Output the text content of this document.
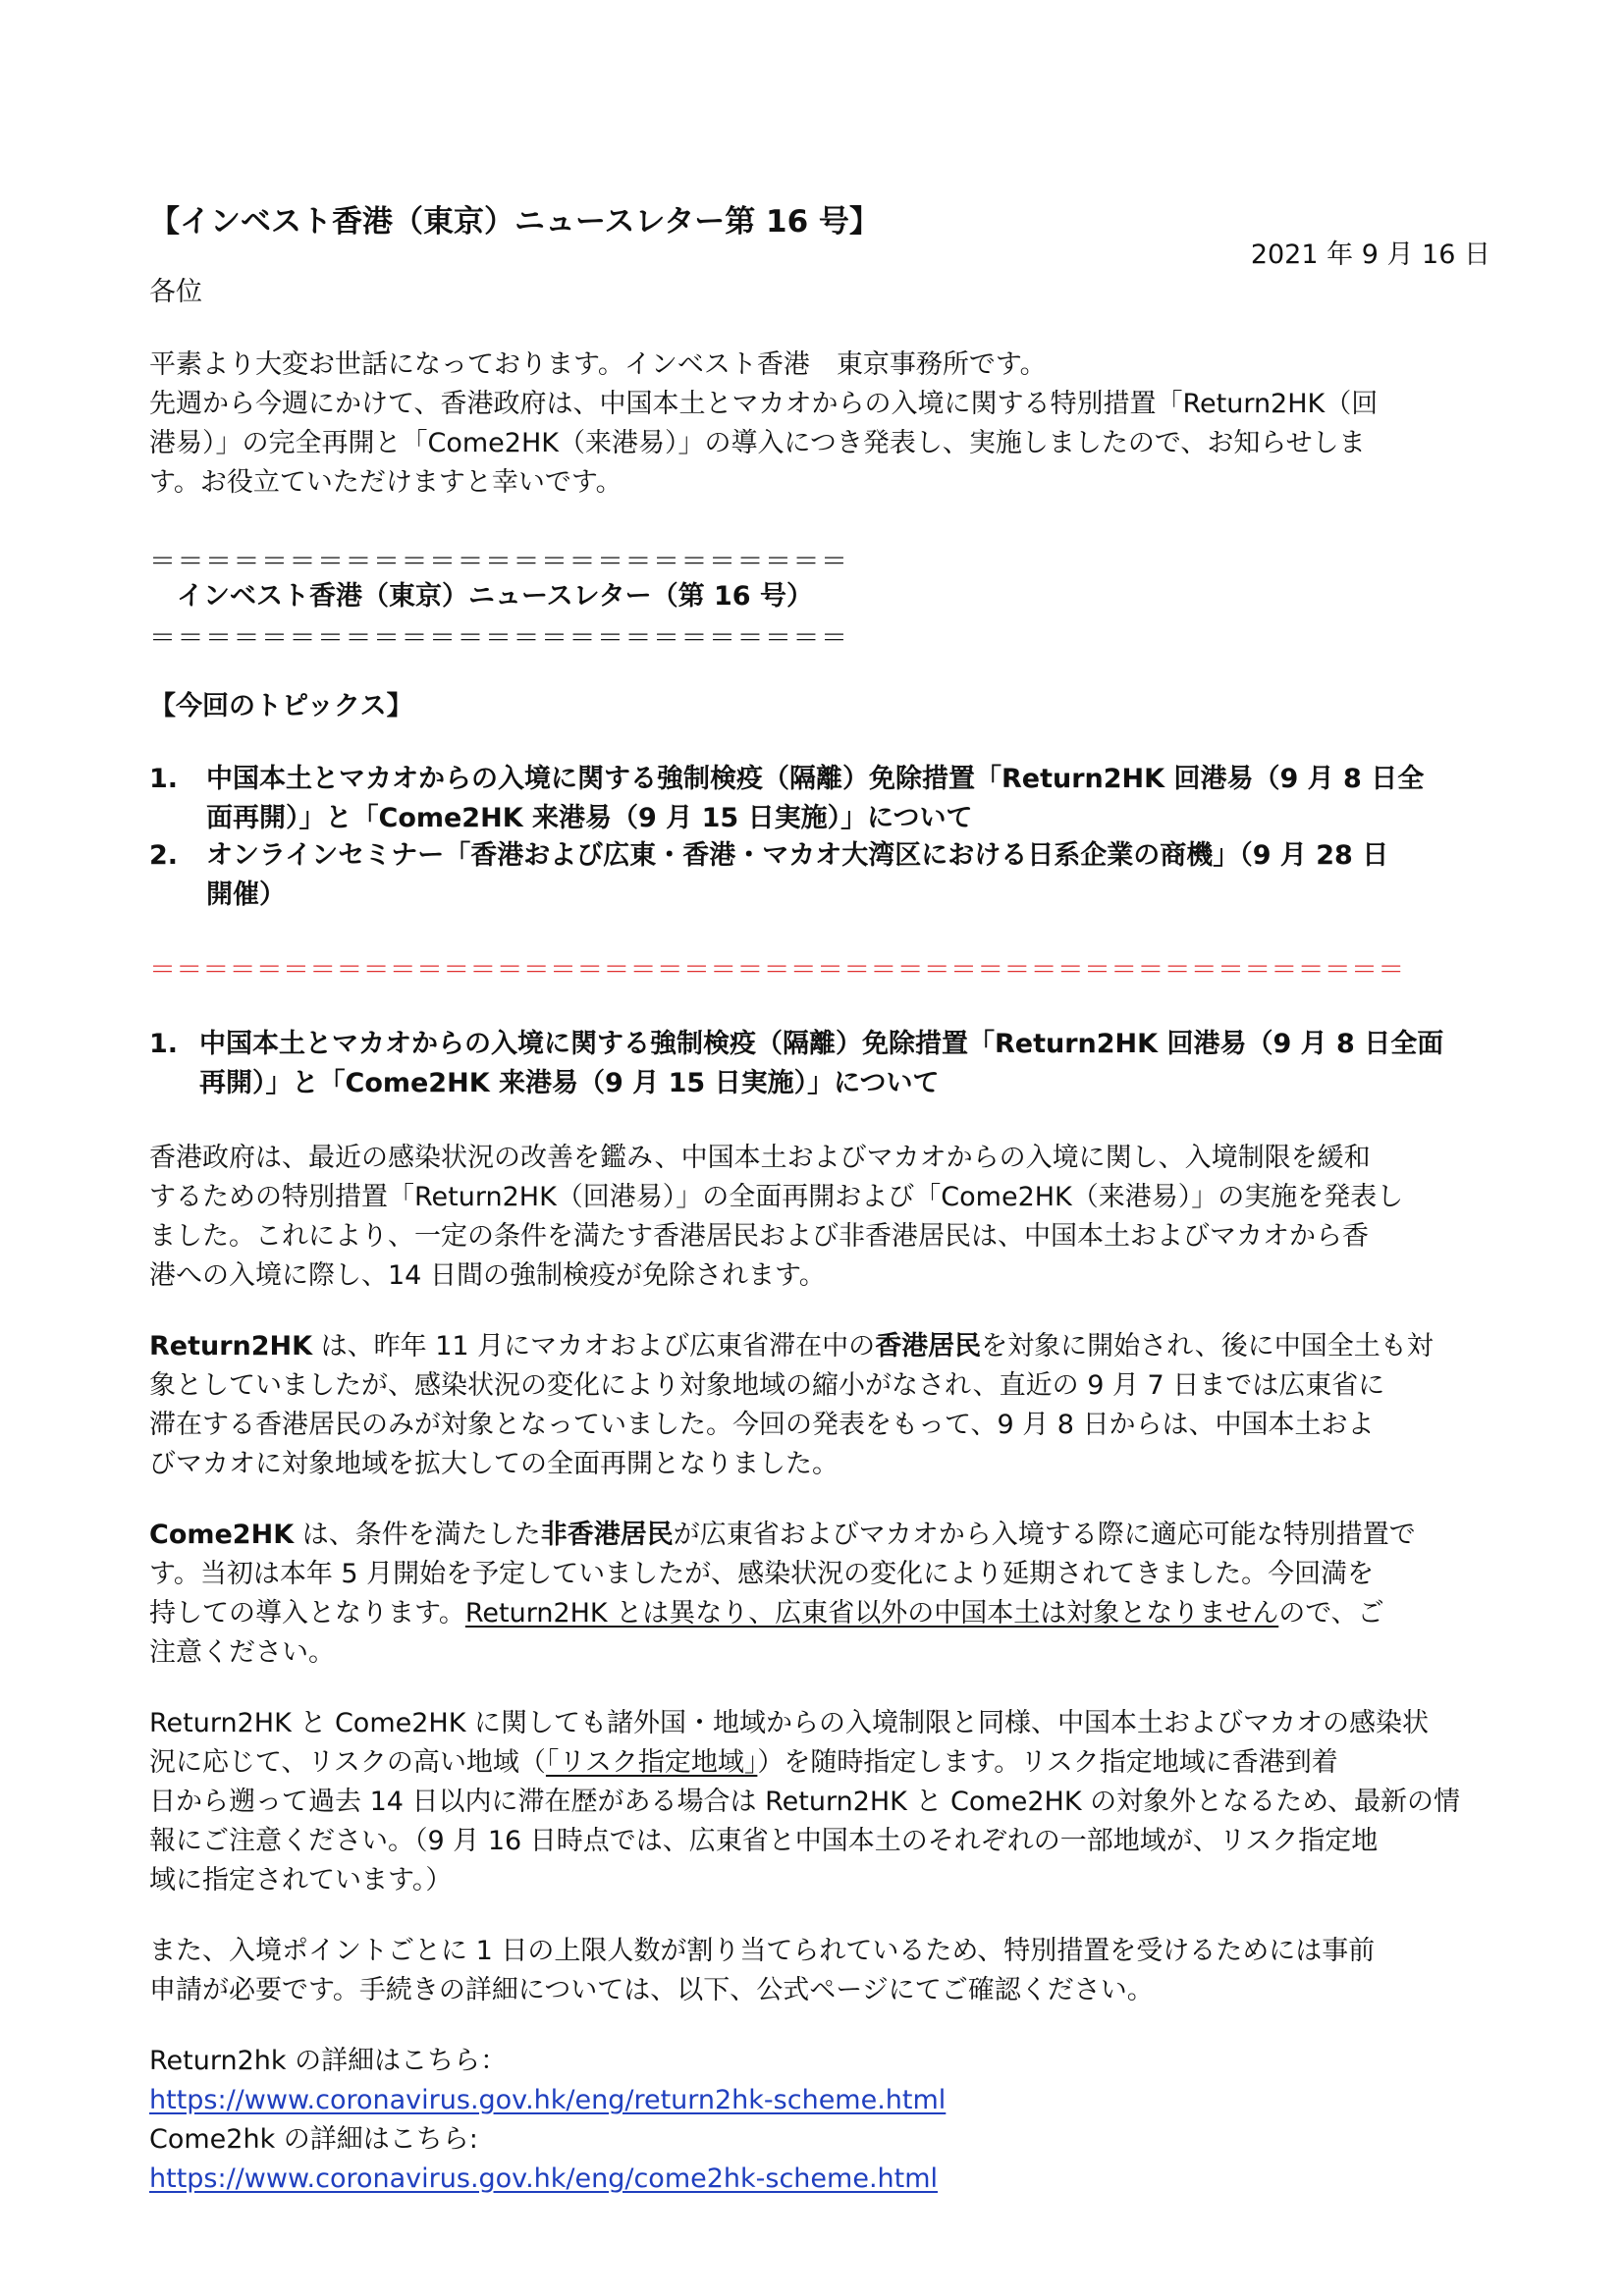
【インベスト香港（東京）ニュースレター第 16 号】

2021 年 9 月 16 日

各位

平素より大変お世話になっております。インベスト香港　東京事務所です。

先週から今週にかけて、香港政府は、中国本土とマカオからの入境に関する特別措置「Return2HK（回

港易）」の完全再開と「Come2HK（来港易）」の導入につき発表し、実施しましたので、お知らせしま

す。お役立ていただけますと幸いです。

＝＝＝＝＝＝＝＝＝＝＝＝＝＝＝＝＝＝＝＝＝＝＝＝＝

インベスト香港（東京）ニュースレター（第 16 号）

＝＝＝＝＝＝＝＝＝＝＝＝＝＝＝＝＝＝＝＝＝＝＝＝＝

【今回のトピックス】

1. 中国本土とマカオからの入境に関する強制検疫（隔離）免除措置「Return2HK 回港易（9 月 8 日全

面再開）」と「Come2HK 来港易（9 月 15 日実施）」について

2. オンラインセミナー「香港および広東・香港・マカオ大湾区における日系企業の商機」（9 月 28 日

開催）

＝＝＝＝＝＝＝＝＝＝＝＝＝＝＝＝＝＝＝＝＝＝＝＝＝＝＝＝＝＝＝＝＝＝＝＝＝＝＝＝＝＝＝＝＝＝＝

1. 中国本土とマカオからの入境に関する強制検疫（隔離）免除措置「Return2HK 回港易（9 月 8 日全面

再開）」と「Come2HK 来港易（9 月 15 日実施）」について

香港政府は、最近の感染状況の改善を鑑み、中国本土およびマカオからの入境に関し、入境制限を緩和

するための特別措置「Return2HK（回港易）」の全面再開および「Come2HK（来港易）」の実施を発表し

ました。これにより、一定の条件を満たす香港居民および非香港居民は、中国本土およびマカオから香

港への入境に際し、14 日間の強制検疫が免除されます。

Return2HK は、昨年 11 月にマカオおよび広東省滞在中の香港居民を対象に開始され、後に中国全土も対

象としていましたが、感染状況の変化により対象地域の縮小がなされ、直近の 9 月 7 日までは広東省に

滞在する香港居民のみが対象となっていました。今回の発表をもって、9 月 8 日からは、中国本土およ

びマカオに対象地域を拡大しての全面再開となりました。

Come2HK は、条件を満たした非香港居民が広東省およびマカオから入境する際に適応可能な特別措置で

す。当初は本年 5 月開始を予定していましたが、感染状況の変化により延期されてきました。今回満を

持しての導入となります。Return2HK とは異なり、広東省以外の中国本土は対象となりませんので、ご

注意ください。

Return2HK と Come2HK に関しても諸外国・地域からの入境制限と同様、中国本土およびマカオの感染状

況に応じて、リスクの高い地域（「リスク指定地域」）を随時指定します。リスク指定地域に香港到着

日から遡って過去 14 日以内に滞在歴がある場合は Return2HK と Come2HK の対象外となるため、最新の情

報にご注意ください。（9 月 16 日時点では、広東省と中国本土のそれぞれの一部地域が、リスク指定地

域に指定されています。）

また、入境ポイントごとに 1 日の上限人数が割り当てられているため、特別措置を受けるためには事前

申請が必要です。手続きの詳細については、以下、公式ページにてご確認ください。

Return2hk の詳細はこちら：

https://www.coronavirus.gov.hk/eng/return2hk-scheme.html

Come2hk の詳細はこちら:

https://www.coronavirus.gov.hk/eng/come2hk-scheme.html
